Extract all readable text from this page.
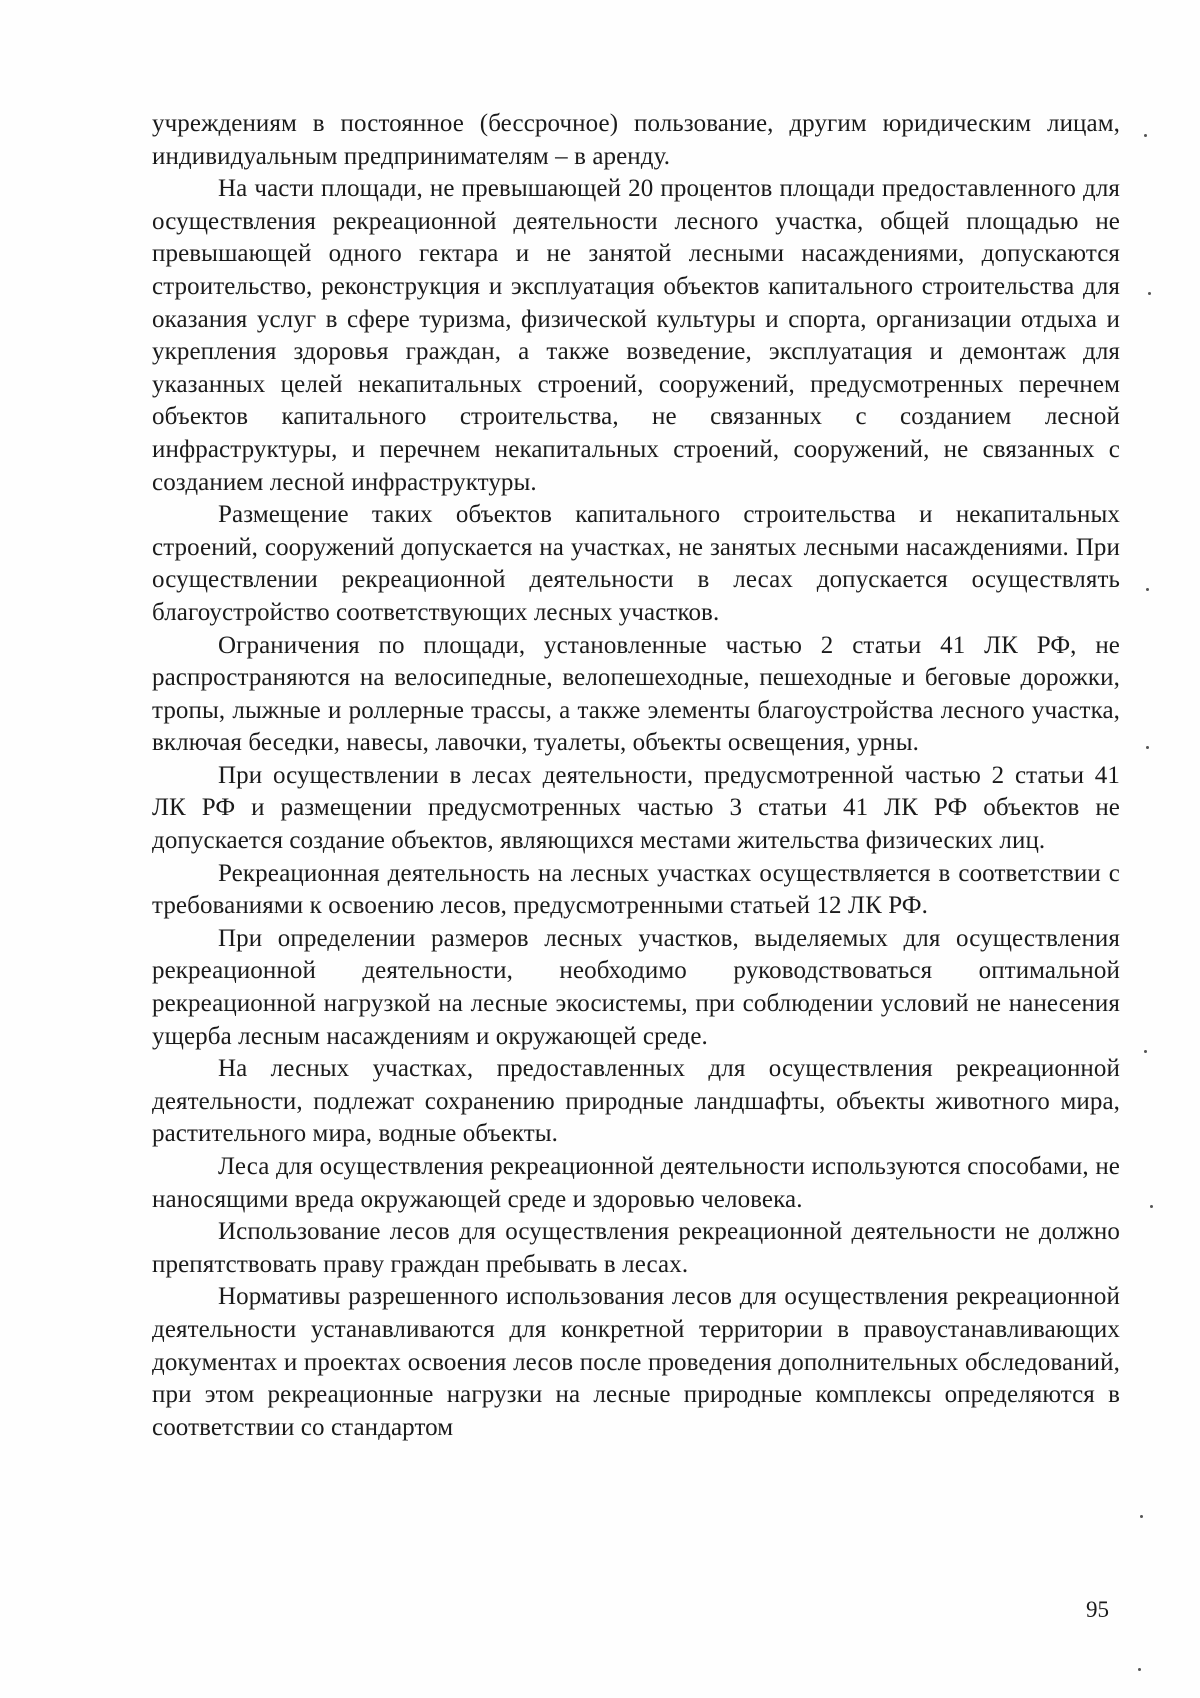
учреждениям в постоянное (бессрочное) пользование, другим юридическим лицам, индивидуальным предпринимателям – в аренду.

На части площади, не превышающей 20 процентов площади предоставленного для осуществления рекреационной деятельности лесного участка, общей площадью не превышающей одного гектара и не занятой лесными насаждениями, допускаются строительство, реконструкция и эксплуатация объектов капитального строительства для оказания услуг в сфере туризма, физической культуры и спорта, организации отдыха и укрепления здоровья граждан, а также возведение, эксплуатация и демонтаж для указанных целей некапитальных строений, сооружений, предусмотренных перечнем объектов капитального строительства, не связанных с созданием лесной инфраструктуры, и перечнем некапитальных строений, сооружений, не связанных с созданием лесной инфраструктуры.

Размещение таких объектов капитального строительства и некапитальных строений, сооружений допускается на участках, не занятых лесными насаждениями. При осуществлении рекреационной деятельности в лесах допускается осуществлять благоустройство соответствующих лесных участков.

Ограничения по площади, установленные частью 2 статьи 41 ЛК РФ, не распространяются на велосипедные, велопешеходные, пешеходные и беговые дорожки, тропы, лыжные и роллерные трассы, а также элементы благоустройства лесного участка, включая беседки, навесы, лавочки, туалеты, объекты освещения, урны.

При осуществлении в лесах деятельности, предусмотренной частью 2 статьи 41 ЛК РФ и размещении предусмотренных частью 3 статьи 41 ЛК РФ объектов не допускается создание объектов, являющихся местами жительства физических лиц.

Рекреационная деятельность на лесных участках осуществляется в соответствии с требованиями к освоению лесов, предусмотренными статьей 12 ЛК РФ.

При определении размеров лесных участков, выделяемых для осуществления рекреационной деятельности, необходимо руководствоваться оптимальной рекреационной нагрузкой на лесные экосистемы, при соблюдении условий не нанесения ущерба лесным насаждениям и окружающей среде.

На лесных участках, предоставленных для осуществления рекреационной деятельности, подлежат сохранению природные ландшафты, объекты животного мира, растительного мира, водные объекты.

Леса для осуществления рекреационной деятельности используются способами, не наносящими вреда окружающей среде и здоровью человека.

Использование лесов для осуществления рекреационной деятельности не должно препятствовать праву граждан пребывать в лесах.

Нормативы разрешенного использования лесов для осуществления рекреационной деятельности устанавливаются для конкретной территории в правоустанавливающих документах и проектах освоения лесов после проведения дополнительных обследований, при этом рекреационные нагрузки на лесные природные комплексы определяются в соответствии со стандартом

95
